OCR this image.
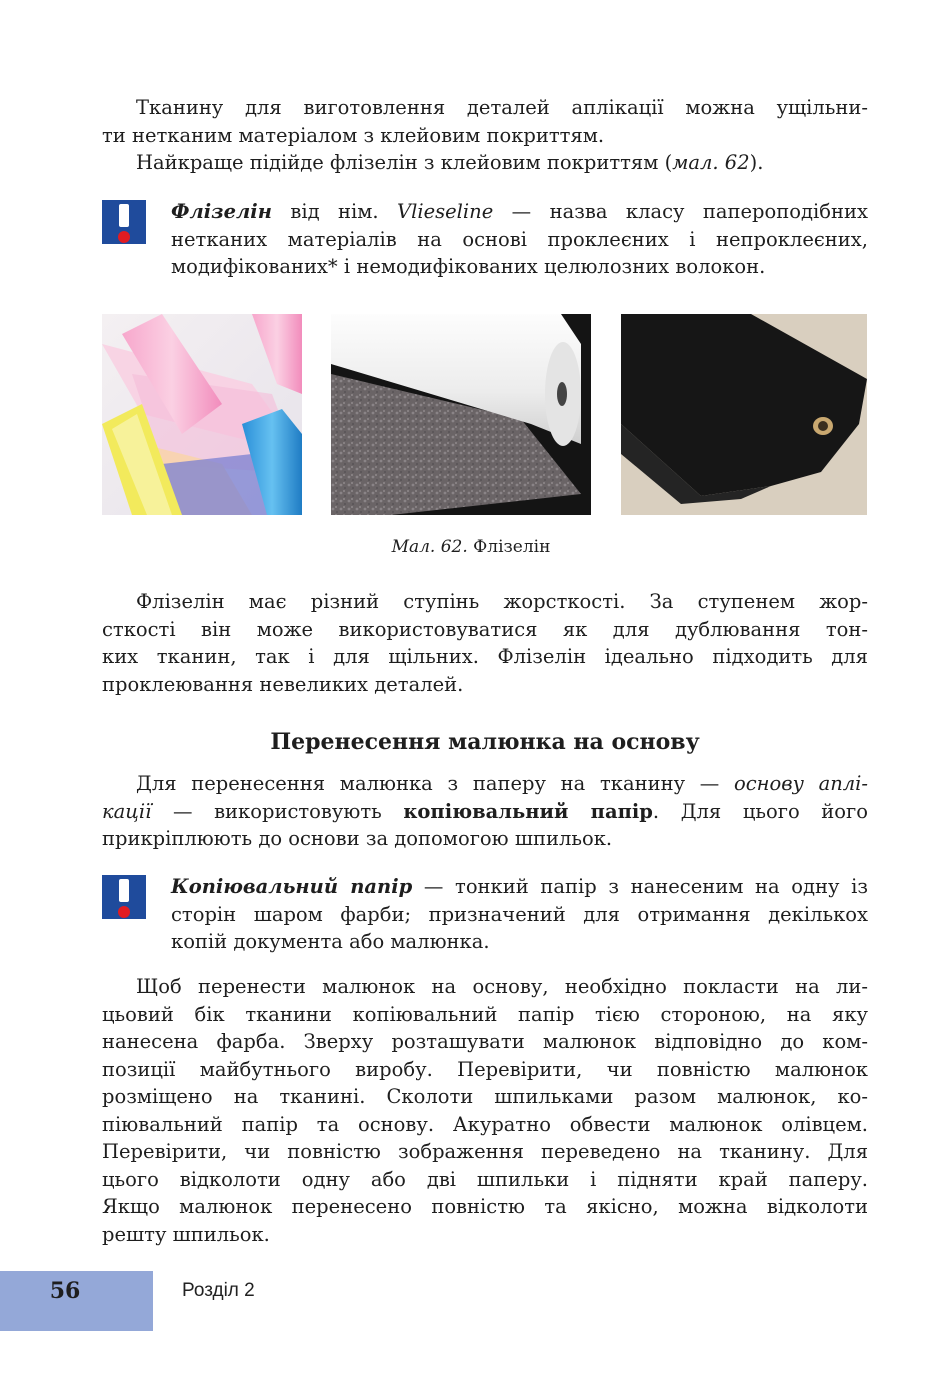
Тканину для виготовлення деталей аплікації можна ущільни-
ти нетканим матеріалом з клейовим покриттям.
Найкраще підійде флізелін з клейовим покриттям (мал. 62).
Флізелін від нім. Vlieseline — назва класу папероподібних
нетканих матеріалів на основі проклеєних і непроклеєних,
модифікованих* і немодифікованих целюлозних волокон.

Мал. 62. Флізелін

Флізелін має різний ступінь жорсткості. За ступенем жор-
сткості він може використовуватися як для дублювання тон-
ких тканин, так і для щільних. Флізелін ідеально підходить для
проклеювання невеликих деталей.
Перенесення малюнка на основу
Для перенесення малюнка з паперу на тканину — основу аплі-
кації — використовують копіювальний папір. Для цього його
прикріплюють до основи за допомогою шпильок.
Копіювальний папір — тонкий папір з нанесеним на одну із
сторін шаром фарби; призначений для отримання декількох
копій документа або малюнка.
Щоб перенести малюнок на основу, необхідно покласти на ли-
цьовий бік тканини копіювальний папір тією стороною, на яку
нанесена фарба. Зверху розташувати малюнок відповідно до ком-
позиції майбутнього виробу. Перевірити, чи повністю малюнок
розміщено на тканині. Сколоти шпильками разом малюнок, ко-
піювальний папір та основу. Акуратно обвести малюнок олівцем.
Перевірити, чи повністю зображення переведено на тканину. Для
цього відколоти одну або дві шпильки і підняти край паперу.
Якщо малюнок перенесено повністю та якісно, можна відколоти
решту шпильок.
56	Розділ 2
